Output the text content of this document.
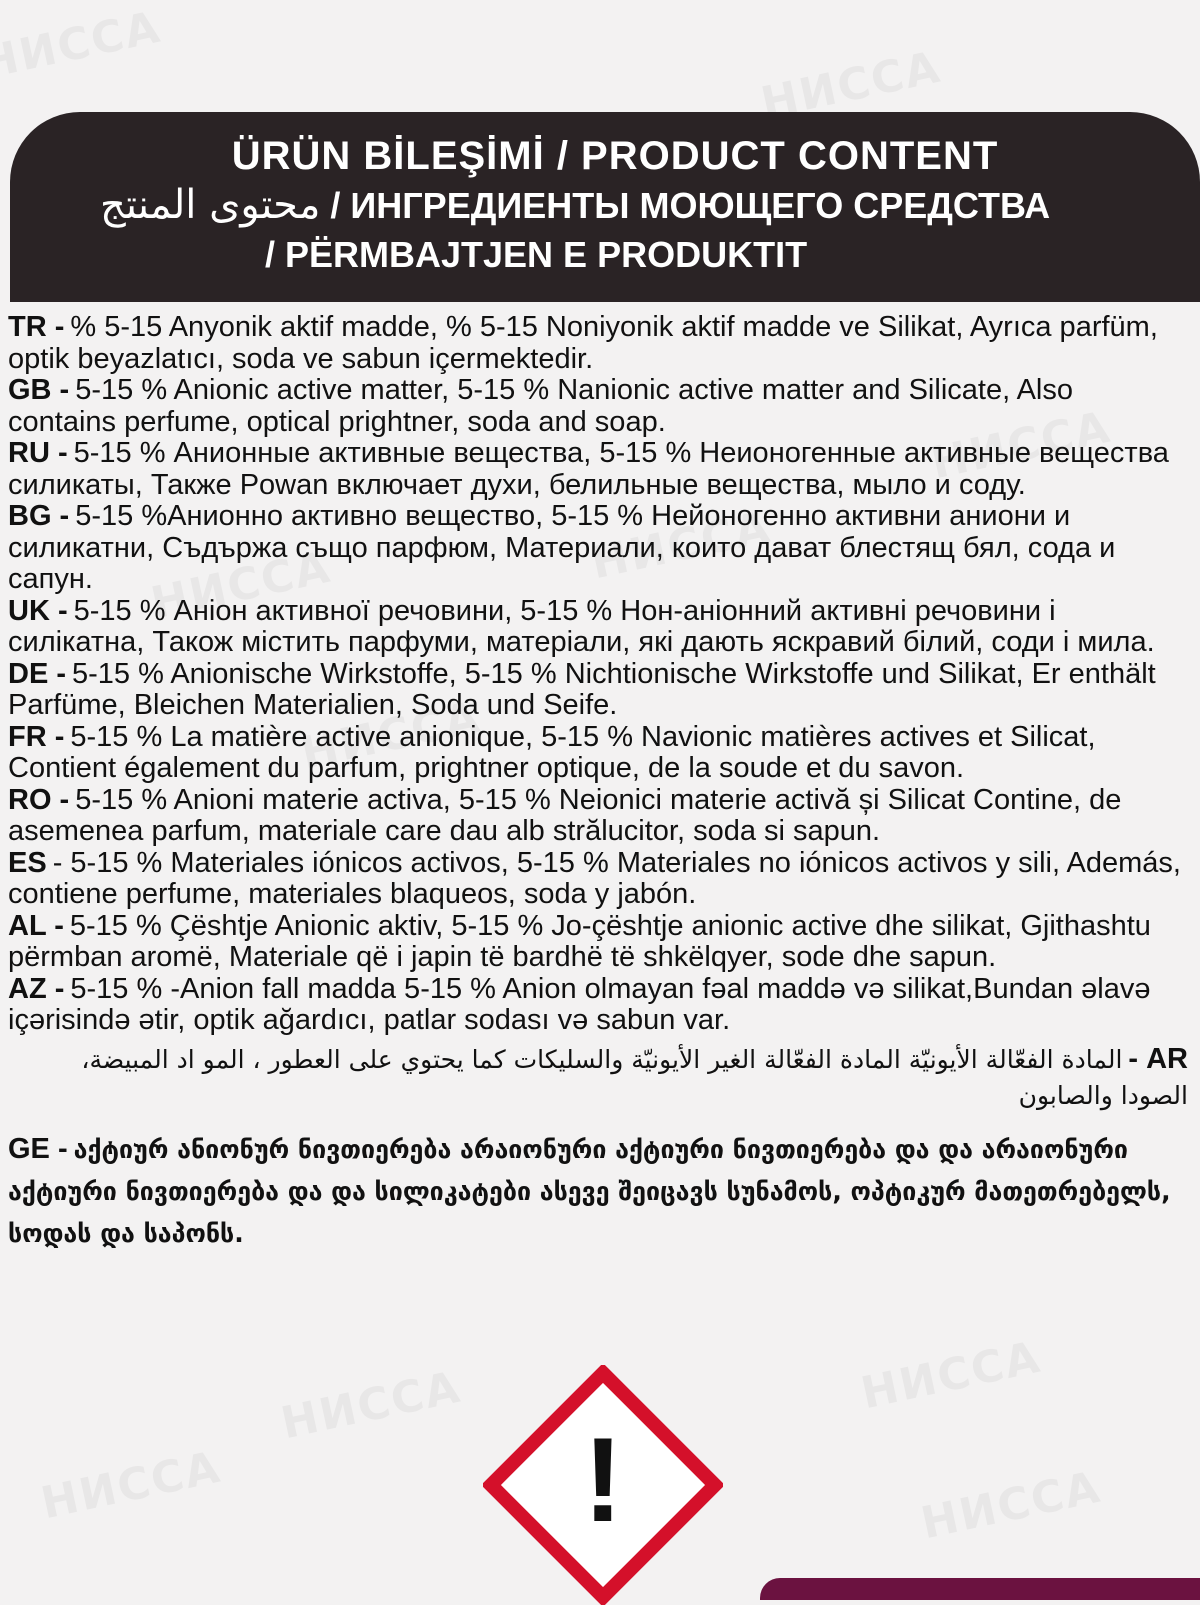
ÜRÜN BİLEŞİMİ / PRODUCT CONTENT
محتوى المنتج / ИНГРЕДИЕНТЫ МОЮЩЕГО СРЕДСТВА
/ PËRMBAJTJEN E PRODUKTIT
TR - % 5-15 Anyonik aktif madde, % 5-15 Noniyonik aktif madde ve Silikat, Ayrıca parfüm, optik beyazlatıcı, soda ve sabun içermektedir.
GB - 5-15 % Anionic active matter, 5-15 % Nanionic active matter and Silicate, Also contains perfume, optical prightner, soda and soap.
RU - 5-15 % Анионные активные вещества, 5-15 % Неионогенные активные вещества силикаты, Также Powan включает духи, белильные вещества, мыло и соду.
BG - 5-15 %Анионно активно вещество, 5-15 % Нейоногенно активни аниони и силикатни, Съдържа също парфюм, Материали, които дават блестящ бял, сода и сапун.
UK - 5-15 % Аніон активної речовини, 5-15 % Нон-аніонний активні речовини і силікатна, Також містить парфуми, матеріали, які дають яскравий білий, соди і мила.
DE - 5-15 % Anionische Wirkstoffe, 5-15 % Nichtionische Wirkstoffe und Silikat, Er enthält Parfüme, Bleichen Materialien, Soda und Seife.
FR - 5-15 % La matière active anionique, 5-15 % Navionic matières actives et Silicat, Contient également du parfum, prightner optique, de la soude et du savon.
RO - 5-15 % Anioni materie activa, 5-15 % Neionici materie activă și Silicat Contine, de asemenea parfum, materiale care dau alb strălucitor, soda si sapun.
ES - 5-15 % Materiales iónicos activos, 5-15 % Materiales no iónicos activos y sili, Además, contiene perfume, materiales blaqueos, soda y jabón.
AL - 5-15 % Çështje Anionic aktiv, 5-15 % Jo-çështje anionic active dhe silikat, Gjithashtu përmban aromë, Materiale që i japin të bardhë të shkëlqyer, sode dhe sapun.
AZ - 5-15 % -Anion fall madda 5-15 % Anion olmayan fəal maddə və silikat,Bundan əlavə içərisində ətir, optik ağardıcı, patlar sodası və sabun var.
AR -المادة الفعّالة الأيونيّة المادة الفعّالة الغير الأيونيّة والسليكات كما يحتوي على العطور ، المو اد المبيضة، الصودا والصابون
GE - აქტიურ ანიონურ ნივთიერება არაიონური აქტიური ნივთიერება და და არაიონური აქტიური ნივთიერება და და სილიკატები ასევე შეიცავს სუნამოს, ოპტიკურ მათეთრებელს, სოდას და საპონს.
!
